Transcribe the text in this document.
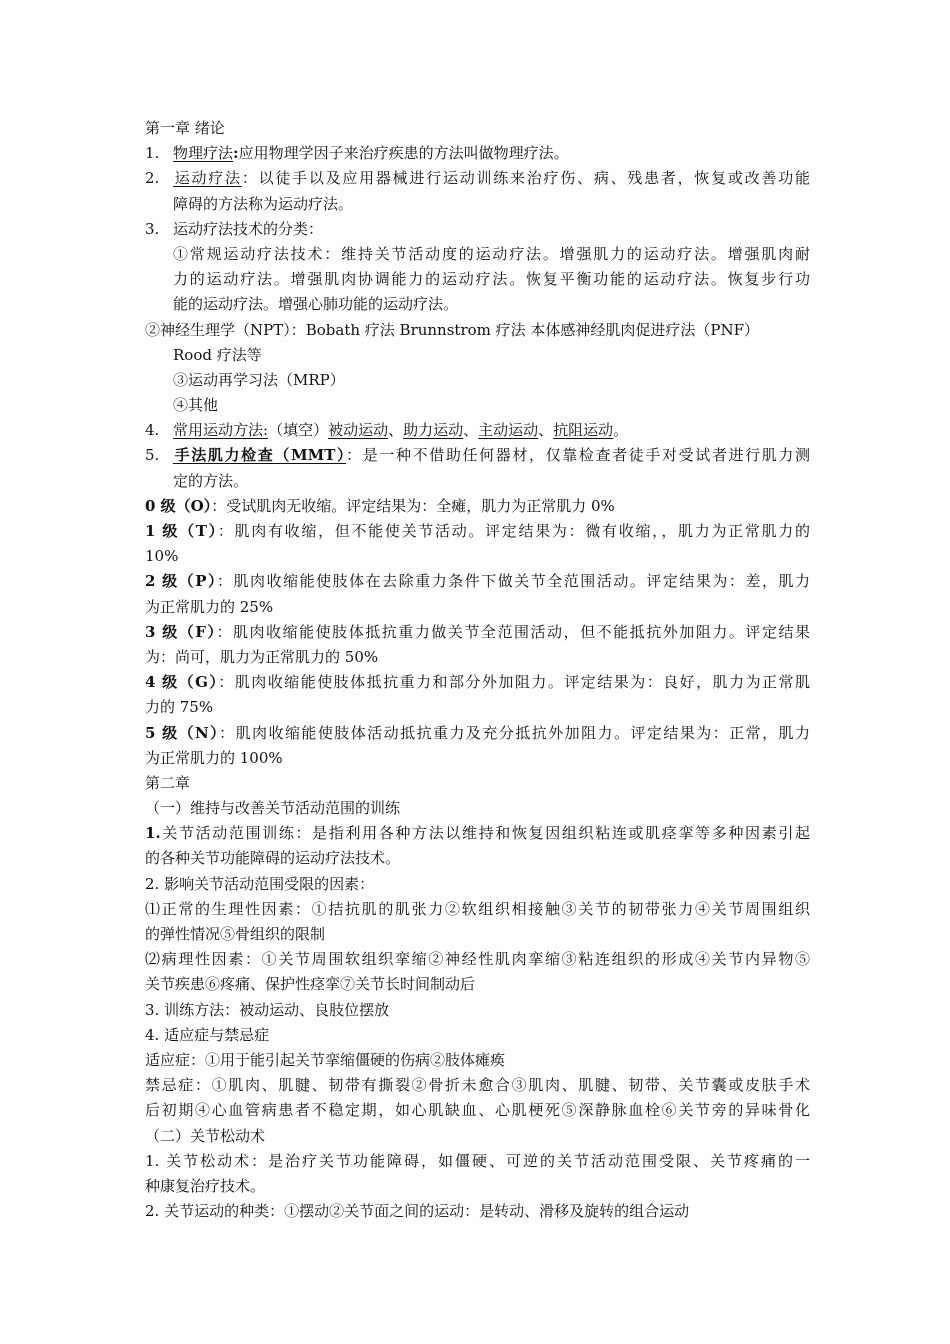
第一章 绪论
1. 物理疗法:应用物理学因子来治疗疾患的方法叫做物理疗法。
2. 运动疗法：以徒手以及应用器械进行运动训练来治疗伤、病、残患者，恢复或改善功能
障碍的方法称为运动疗法。
3. 运动疗法技术的分类：
①常规运动疗法技术：维持关节活动度的运动疗法。增强肌力的运动疗法。增强肌肉耐
力的运动疗法。增强肌肉协调能力的运动疗法。恢复平衡功能的运动疗法。恢复步行功
能的运动疗法。增强心肺功能的运动疗法。
②神经生理学（NPT）：Bobath 疗法 Brunnstrom 疗法 本体感神经肌肉促进疗法（PNF）
Rood 疗法等
③运动再学习法（MRP）
④其他
4. 常用运动方法:（填空）被动运动、助力运动、主动运动、抗阻运动。
5. 手法肌力检查（MMT）：是一种不借助任何器材，仅靠检查者徒手对受试者进行肌力测
定的方法。
0 级（O）：受试肌肉无收缩。评定结果为：全瘫，肌力为正常肌力 0%
1 级（T）：肌肉有收缩，但不能使关节活动。评定结果为：微有收缩，，肌力为正常肌力的
10%
2 级（P）：肌肉收缩能使肢体在去除重力条件下做关节全范围活动。评定结果为：差，肌力
为正常肌力的 25%
3 级（F）：肌肉收缩能使肢体抵抗重力做关节全范围活动，但不能抵抗外加阻力。评定结果
为：尚可，肌力为正常肌力的 50%
4 级（G）：肌肉收缩能使肢体抵抗重力和部分外加阻力。评定结果为：良好，肌力为正常肌
力的 75%
5 级（N）：肌肉收缩能使肢体活动抵抗重力及充分抵抗外加阻力。评定结果为：正常，肌力
为正常肌力的 100%
第二章
（一）维持与改善关节活动范围的训练
1.关节活动范围训练：是指利用各种方法以维持和恢复因组织粘连或肌痉挛等多种因素引起
的各种关节功能障碍的运动疗法技术。
2. 影响关节活动范围受限的因素：
⑴正常的生理性因素：①拮抗肌的肌张力②软组织相接触③关节的韧带张力④关节周围组织
的弹性情况⑤骨组织的限制
⑵病理性因素：①关节周围软组织挛缩②神经性肌肉挛缩③粘连组织的形成④关节内异物⑤
关节疾患⑥疼痛、保护性痉挛⑦关节长时间制动后
3. 训练方法：被动运动、良肢位摆放
4. 适应症与禁忌症
适应症：①用于能引起关节挛缩僵硬的伤病②肢体瘫痪
禁忌症：①肌肉、肌腱、韧带有撕裂②骨折未愈合③肌肉、肌腱、韧带、关节囊或皮肤手术
后初期④心血管病患者不稳定期，如心肌缺血、心肌梗死⑤深静脉血栓⑥关节旁的异味骨化
（二）关节松动术
1. 关节松动术：是治疗关节功能障碍，如僵硬、可逆的关节活动范围受限、关节疼痛的一
种康复治疗技术。
2. 关节运动的种类：①摆动②关节面之间的运动：是转动、滑移及旋转的组合运动
